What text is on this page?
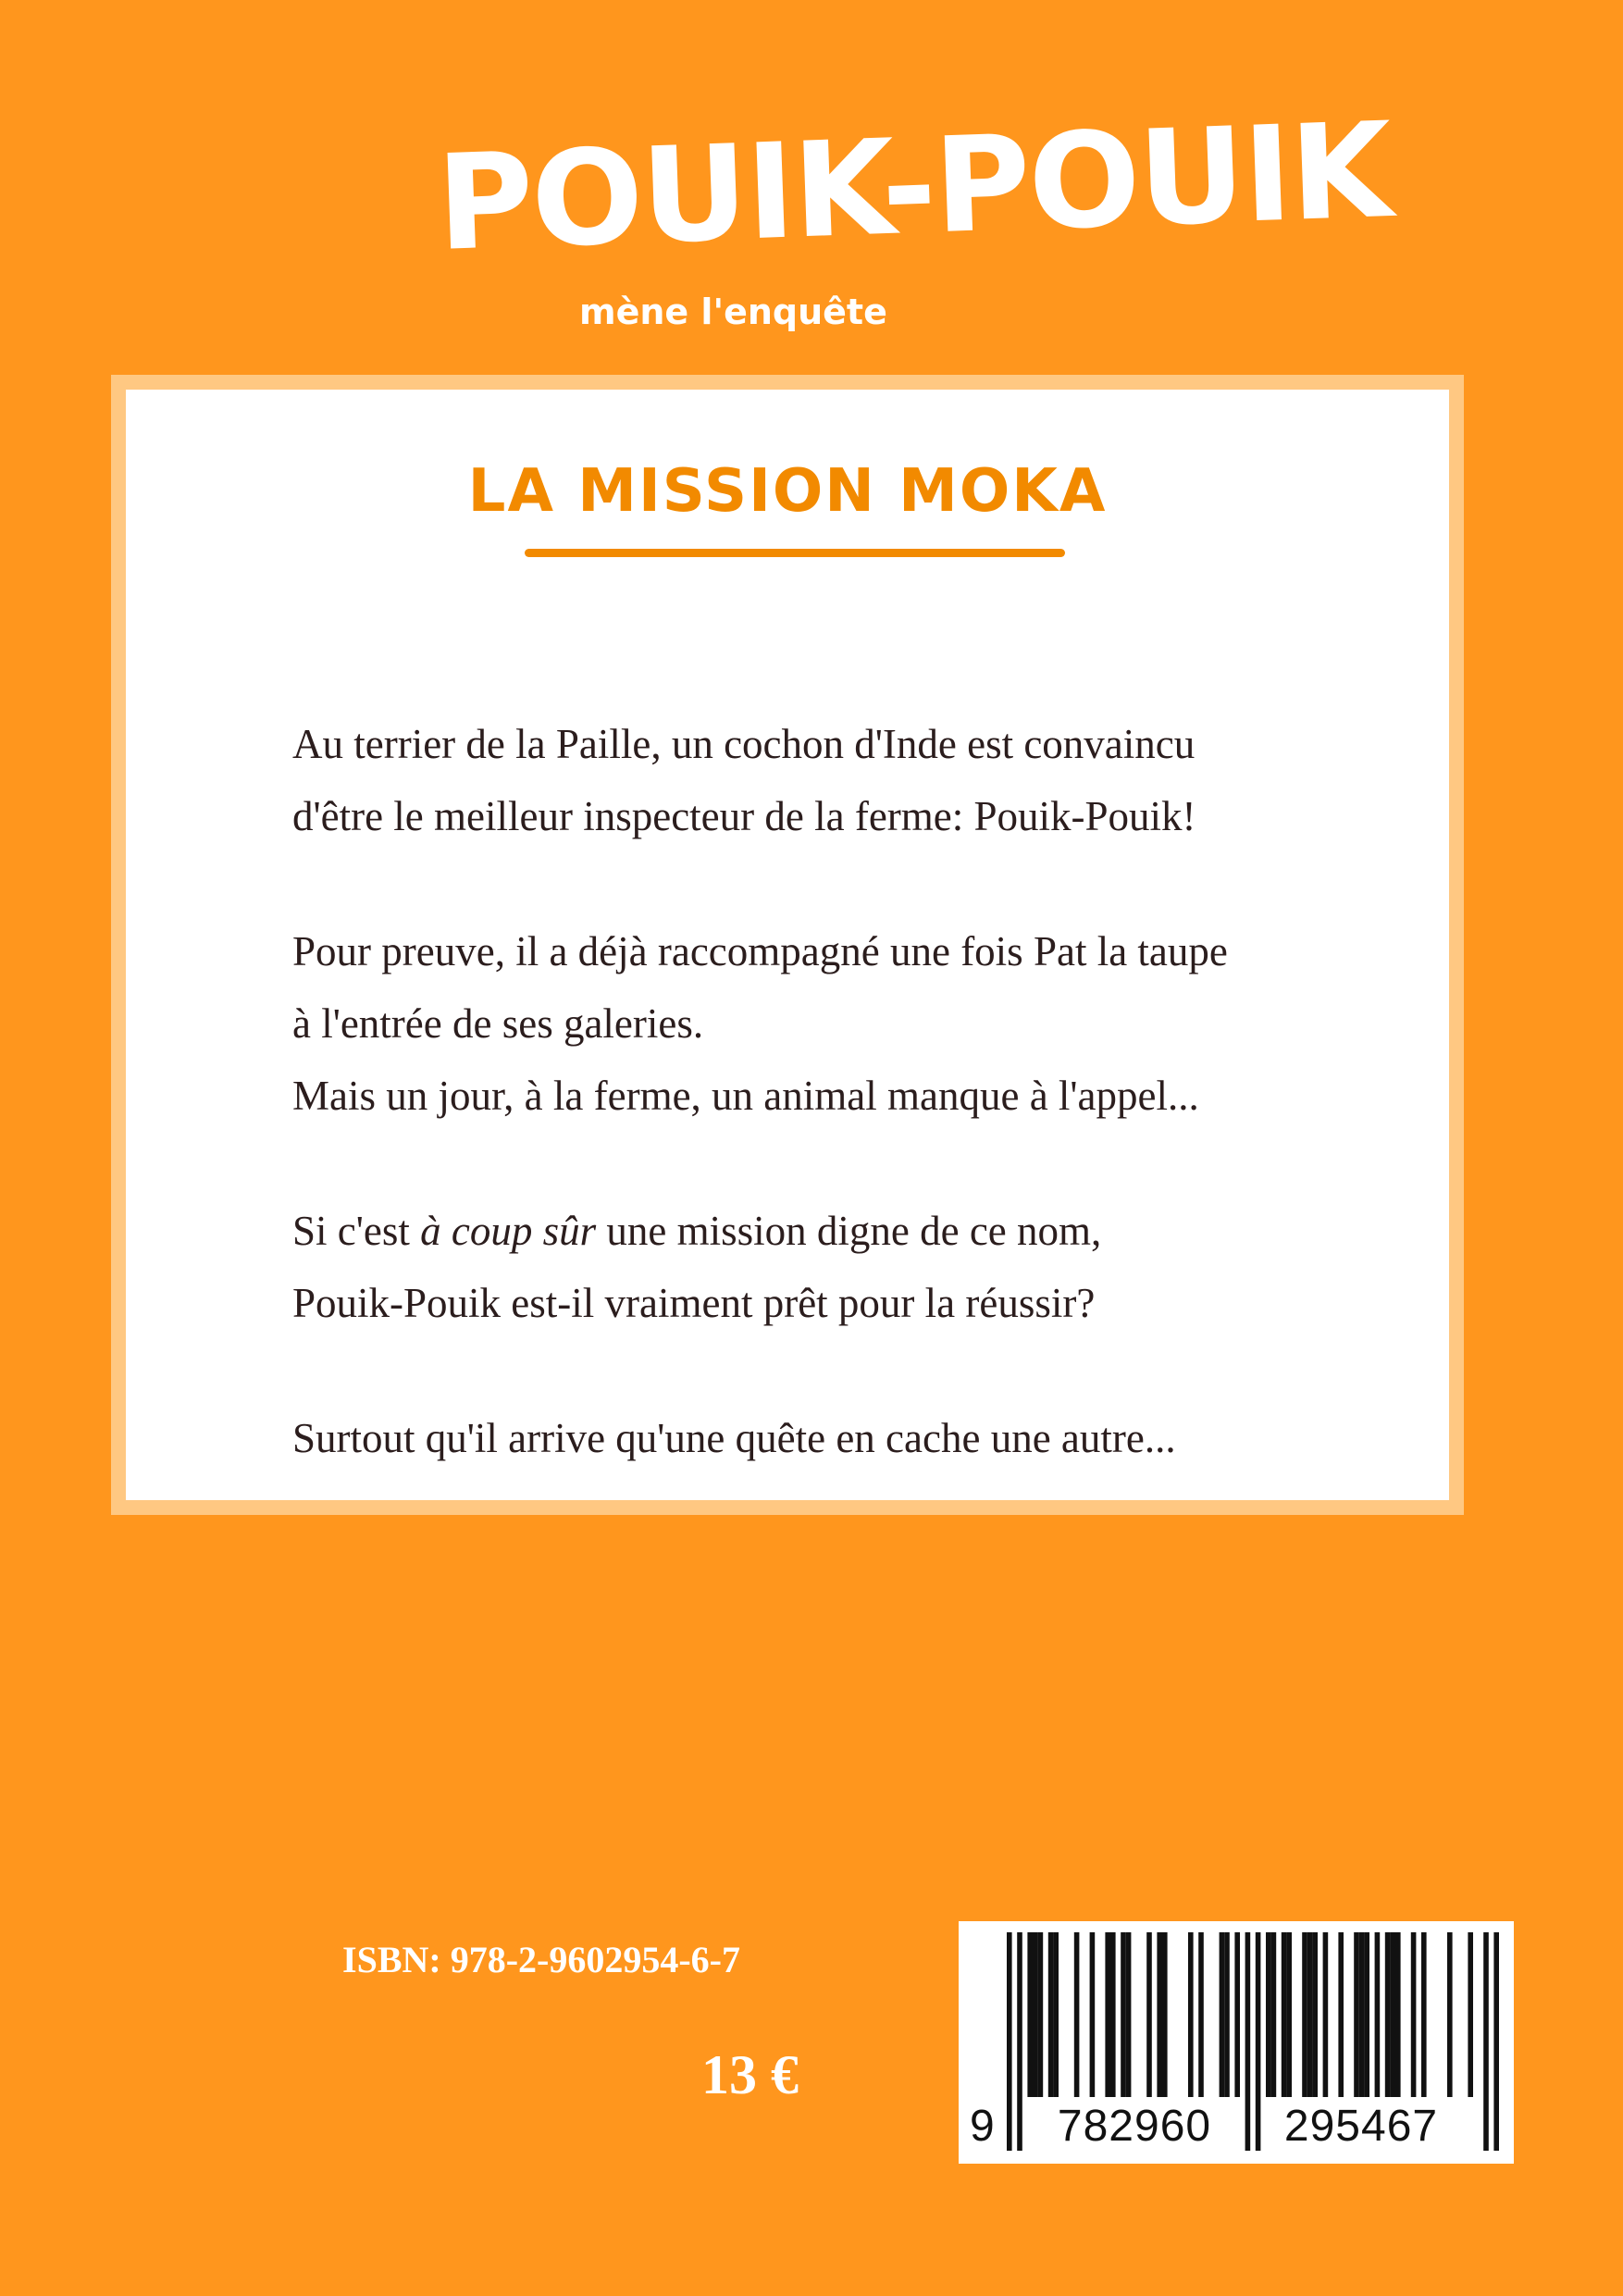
POUIK-POUIK
mène l'enquête
LA MISSION MOKA

Au terrier de la Paille, un cochon d'Inde est convaincu
d'être le meilleur inspecteur de la ferme: Pouik-Pouik!

Pour preuve, il a déjà raccompagné une fois Pat la taupe
à l'entrée de ses galeries.
Mais un jour, à la ferme, un animal manque à l'appel...

Si c'est à coup sûr une mission digne de ce nom,
Pouik-Pouik est-il vraiment prêt pour la réussir?

Surtout qu'il arrive qu'une quête en cache une autre...

ISBN: 978-2-9602954-6-7
13 €
9	782960	295467
